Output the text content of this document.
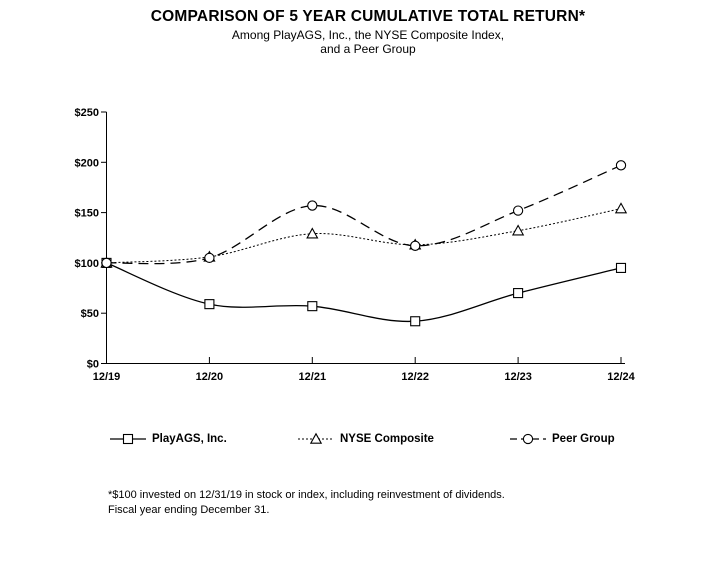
COMPARISON OF 5 YEAR CUMULATIVE TOTAL RETURN*
Among PlayAGS, Inc., the NYSE Composite Index,
and a Peer Group
$0
$50
$100
$150
$200
$250
12/19	12/20	12/21	12/22	12/23	12/24
PlayAGS, Inc.	NYSE Composite	Peer Group
*$100 invested on 12/31/19 in stock or index, including reinvestment of dividends.
Fiscal year ending December 31.
